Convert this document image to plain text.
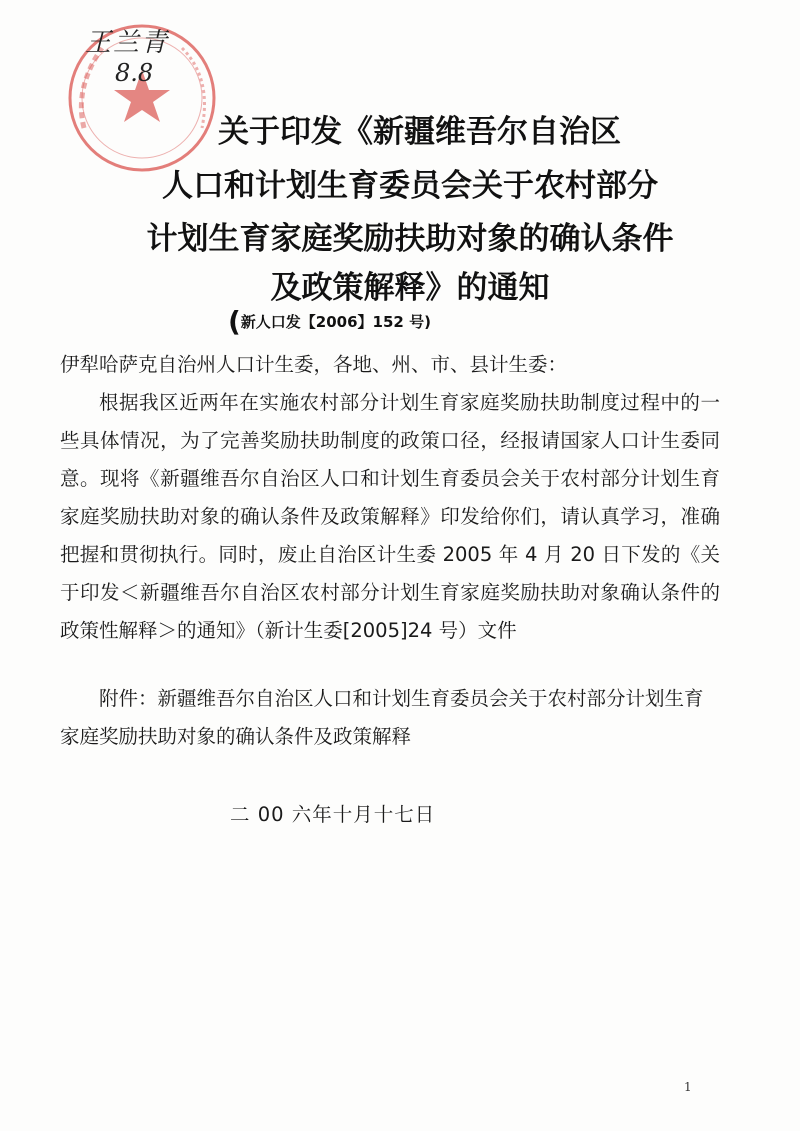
王兰青
8.8
关于印发《新疆维吾尔自治区
人口和计划生育委员会关于农村部分
计划生育家庭奖励扶助对象的确认条件
及政策解释》的通知
(新人口发【2006】152 号)
伊犁哈萨克自治州人口计生委，各地、州、市、县计生委：
根据我区近两年在实施农村部分计划生育家庭奖励扶助制度过程中的一些具体情况，为了完善奖励扶助制度的政策口径，经报请国家人口计生委同意。现将《新疆维吾尔自治区人口和计划生育委员会关于农村部分计划生育家庭奖励扶助对象的确认条件及政策解释》印发给你们，请认真学习，准确把握和贯彻执行。同时，废止自治区计生委 2005 年 4 月 20 日下发的《关于印发＜新疆维吾尔自治区农村部分计划生育家庭奖励扶助对象确认条件的政策性解释＞的通知》（新计生委[2005]24 号）文件
附件：新疆维吾尔自治区人口和计划生育委员会关于农村部分计划生育家庭奖励扶助对象的确认条件及政策解释
二 00 六年十月十七日
1
